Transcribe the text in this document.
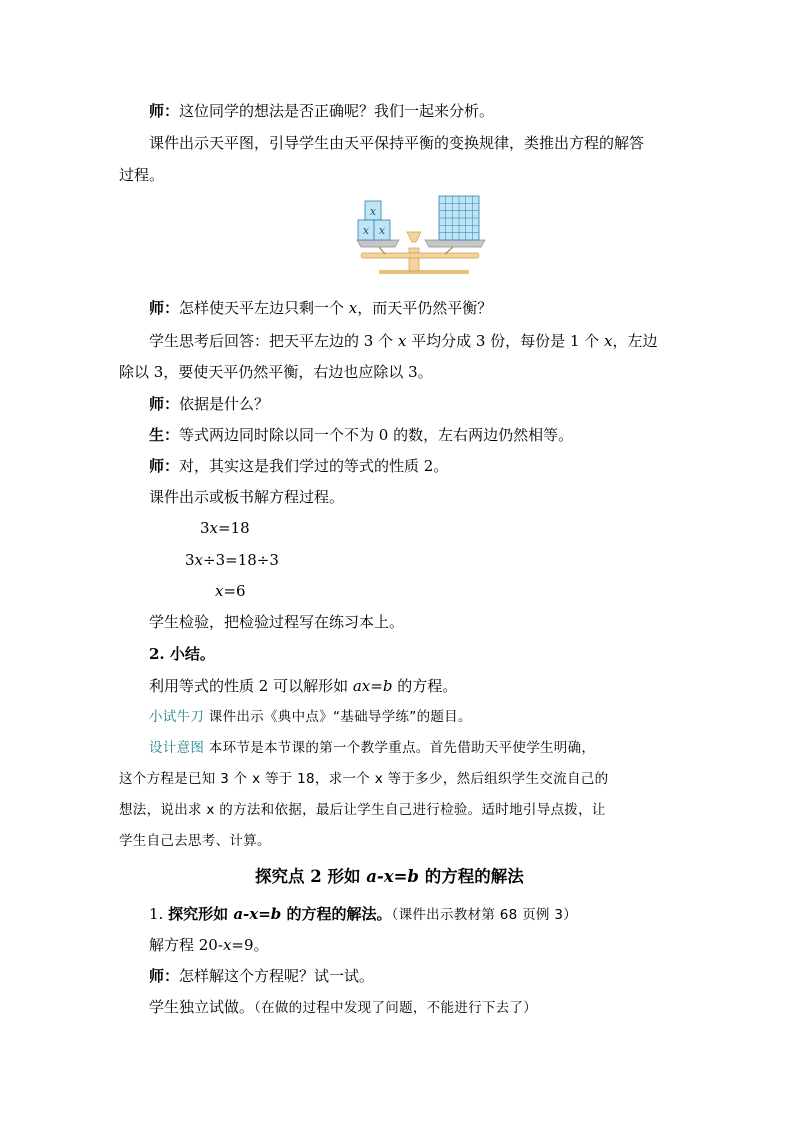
师：这位同学的想法是否正确呢？我们一起来分析。
课件出示天平图，引导学生由天平保持平衡的变换规律，类推出方程的解答
过程。
x
x x
师：怎样使天平左边只剩一个 x，而天平仍然平衡？
学生思考后回答：把天平左边的 3 个 x 平均分成 3 份，每份是 1 个 x，左边
除以 3，要使天平仍然平衡，右边也应除以 3。
师：依据是什么？
生：等式两边同时除以同一个不为 0 的数，左右两边仍然相等。
师：对，其实这是我们学过的等式的性质 2。
课件出示或板书解方程过程。
3x=18
3x÷3=18÷3
x=6
学生检验，把检验过程写在练习本上。
2. 小结。
利用等式的性质 2 可以解形如 ax=b 的方程。
小试牛刀 课件出示《典中点》“基础导学练”的题目。
设计意图 本环节是本节课的第一个教学重点。首先借助天平使学生明确，
这个方程是已知 3 个 x 等于 18，求一个 x 等于多少，然后组织学生交流自己的
想法，说出求 x 的方法和依据，最后让学生自己进行检验。适时地引导点拨，让
学生自己去思考、计算。
探究点 2 形如 a-x=b 的方程的解法
1. 探究形如 a-x=b 的方程的解法。（课件出示教材第 68 页例 3）
解方程 20-x=9。
师：怎样解这个方程呢？试一试。
学生独立试做。（在做的过程中发现了问题，不能进行下去了）
